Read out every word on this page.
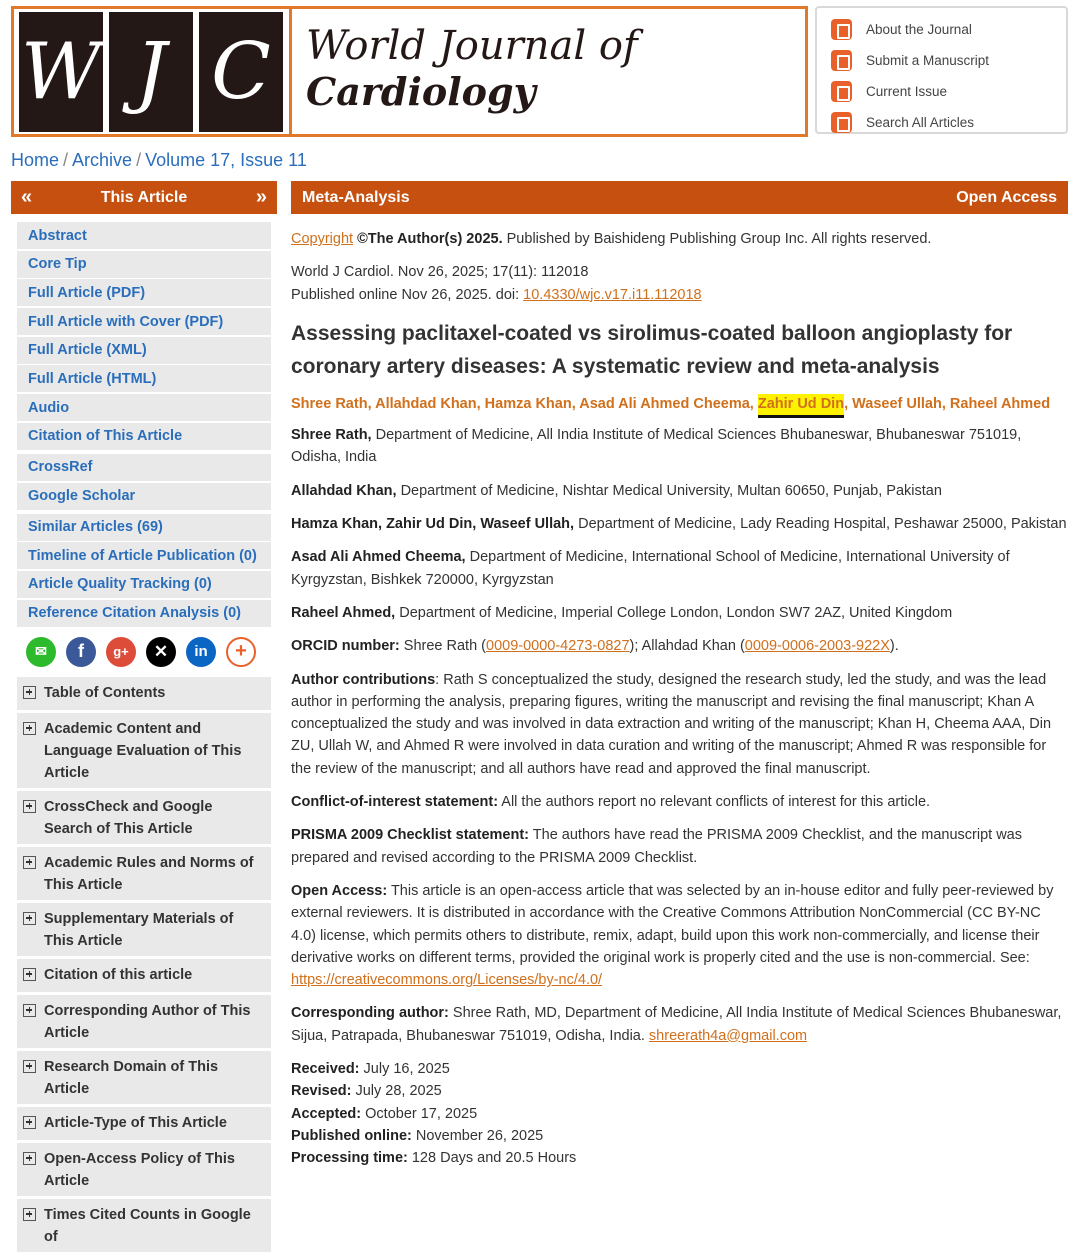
W J C World Journal of
Cardiology
About the Journal
Submit a Manuscript
Current Issue
Search All Articles
Home / Archive / Volume 17, Issue 11
«	This Article	»
Abstract
Core Tip
Full Article (PDF)
Full Article with Cover (PDF)
Full Article (XML)
Full Article (HTML)
Audio
Citation of This Article
CrossRef
Google Scholar
Similar Articles (69)
Timeline of Article Publication (0)
Article Quality Tracking (0)
Reference Citation Analysis (0)
✉	f	g+	✕	in	+
Table of Contents
Academic Content and Language Evaluation of This Article
CrossCheck and Google Search of This Article
Academic Rules and Norms of This Article
Supplementary Materials of This Article
Citation of this article
Corresponding Author of This Article
Research Domain of This Article
Article-Type of This Article
Open-Access Policy of This Article
Times Cited Counts in Google of
Meta-Analysis	Open Access

Copyright ©The Author(s) 2025. Published by Baishideng Publishing Group Inc. All rights reserved.

World J Cardiol. Nov 26, 2025; 17(11): 112018

Published online Nov 26, 2025. doi: 10.4330/wjc.v17.i11.112018

Assessing paclitaxel-coated vs sirolimus-coated balloon angioplasty for coronary artery diseases: A systematic review and meta-analysis
Shree Rath, Allahdad Khan, Hamza Khan, Asad Ali Ahmed Cheema, Zahir Ud Din, Waseef Ullah, Raheel Ahmed

Shree Rath, Department of Medicine, All India Institute of Medical Sciences Bhubaneswar, Bhubaneswar 751019, Odisha, India

Allahdad Khan, Department of Medicine, Nishtar Medical University, Multan 60650, Punjab, Pakistan

Hamza Khan, Zahir Ud Din, Waseef Ullah, Department of Medicine, Lady Reading Hospital, Peshawar 25000, Pakistan

Asad Ali Ahmed Cheema, Department of Medicine, International School of Medicine, International University of Kyrgyzstan, Bishkek 720000, Kyrgyzstan

Raheel Ahmed, Department of Medicine, Imperial College London, London SW7 2AZ, United Kingdom

ORCID number: Shree Rath (0009-0000-4273-0827); Allahdad Khan (0009-0006-2003-922X).

Author contributions: Rath S conceptualized the study, designed the research study, led the study, and was the lead author in performing the analysis, preparing figures, writing the manuscript and revising the final manuscript; Khan A conceptualized the study and was involved in data extraction and writing of the manuscript; Khan H, Cheema AAA, Din ZU, Ullah W, and Ahmed R were involved in data curation and writing of the manuscript; Ahmed R was responsible for the review of the manuscript; and all authors have read and approved the final manuscript.

Conflict-of-interest statement: All the authors report no relevant conflicts of interest for this article.

PRISMA 2009 Checklist statement: The authors have read the PRISMA 2009 Checklist, and the manuscript was prepared and revised according to the PRISMA 2009 Checklist.

Open Access: This article is an open-access article that was selected by an in-house editor and fully peer-reviewed by external reviewers. It is distributed in accordance with the Creative Commons Attribution NonCommercial (CC BY-NC 4.0) license, which permits others to distribute, remix, adapt, build upon this work non-commercially, and license their derivative works on different terms, provided the original work is properly cited and the use is non-commercial. See: https://creativecommons.org/Licenses/by-nc/4.0/

Corresponding author: Shree Rath, MD, Department of Medicine, All India Institute of Medical Sciences Bhubaneswar, Sijua, Patrapada, Bhubaneswar 751019, Odisha, India. shreerath4a@gmail.com

Received: July 16, 2025
Revised: July 28, 2025
Accepted: October 17, 2025
Published online: November 26, 2025
Processing time: 128 Days and 20.5 Hours
